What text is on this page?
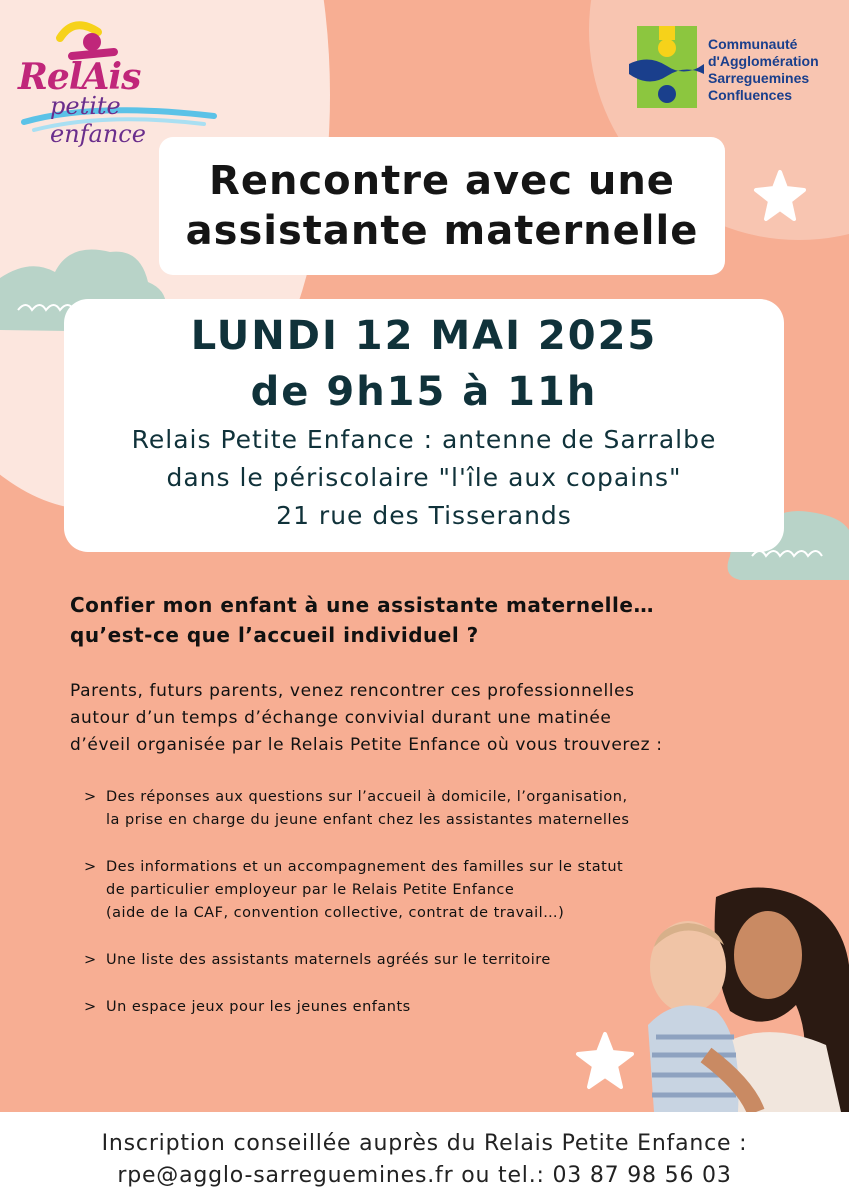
RelAis
petite enfance
Communauté
d'Agglomération
Sarreguemines
Confluences
Rencontre avec une
assistante maternelle
LUNDI 12 MAI 2025
de 9h15 à 11h
Relais Petite Enfance : antenne de Sarralbe
dans le périscolaire "l'île aux copains"
21 rue des Tisserands
Confier mon enfant à une assistante maternelle…
qu’est-ce que l’accueil individuel ?
Parents, futurs parents, venez rencontrer ces professionnelles
autour d’un temps d’échange convivial durant une matinée
d’éveil organisée par le Relais Petite Enfance où vous trouverez :
> Des réponses aux questions sur l’accueil à domicile, l’organisation,
la prise en charge du jeune enfant chez les assistantes maternelles
> Des informations et un accompagnement des familles sur le statut
de particulier employeur par le Relais Petite Enfance
(aide de la CAF, convention collective, contrat de travail…)
> Une liste des assistants maternels agréés sur le territoire
> Un espace jeux pour les jeunes enfants
Inscription conseillée auprès du Relais Petite Enfance :
rpe@agglo-sarreguemines.fr ou tel.: 03 87 98 56 03
